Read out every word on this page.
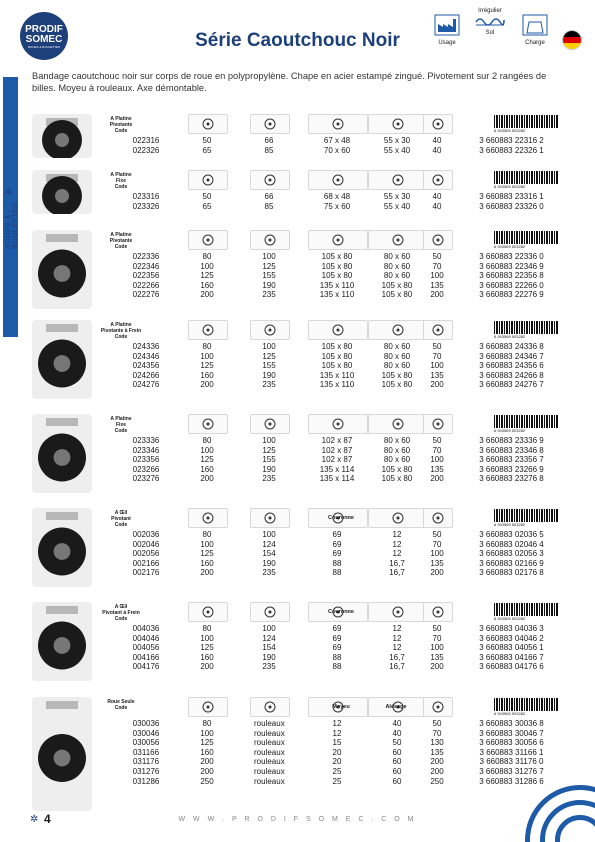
PRODIF
SOMEC
ROUES & ROULETTES	Série Caoutchouc Noir	Usage
Irrégulier
Sol
Charge
Bandage caoutchouc noir sur corps de roue en polypropylène. Chape en acier estampé zingué. Pivotement sur 2 rangées de billes. Moyeu à rouleaux. Axe démontable.
✲
ROUES & ROULETTES
A Platine
Pivotante
Code	6 943569 503282
022316	50	66	67 x 48	55 x 30	40	3 660883 22316 2
022326	65	85	70 x 60	55 x 40	40	3 660883 22326 1
A Platine
Fixe
Code	6 943569 503282
023316	50	66	68 x 48	55 x 30	40	3 660883 23316 1
023326	65	85	75 x 60	55 x 40	40	3 660883 23326 0
A Platine
Pivotante
Code	6 943569 503282
022336	80	100	105 x 80	80 x 60	50	3 660883 22336 0
022346	100	125	105 x 80	80 x 60	70	3 660883 22346 9
022356	125	155	105 x 80	80 x 60	100	3 660883 22356 8
022266	160	190	135 x 110	105 x 80	135	3 660883 22266 0
022276	200	235	135 x 110	105 x 80	200	3 660883 22276 9
A Platine
Pivotante à Frein
Code	6 943569 503282
024336	80	100	105 x 80	80 x 60	50	3 660883 24336 8
024346	100	125	105 x 80	80 x 60	70	3 660883 24346 7
024356	125	155	105 x 80	80 x 60	100	3 660883 24356 6
024266	160	190	135 x 110	105 x 80	135	3 660883 24266 8
024276	200	235	135 x 110	105 x 80	200	3 660883 24276 7
A Platine
Fixe
Code	6 943569 503282
023336	80	100	102 x 87	80 x 60	50	3 660883 23336 9
023346	100	125	102 x 87	80 x 60	70	3 660883 23346 8
023356	125	155	102 x 87	80 x 60	100	3 660883 23356 7
023266	160	190	135 x 114	105 x 80	135	3 660883 23266 9
023276	200	235	135 x 114	105 x 80	200	3 660883 23276 8
A Œil
Pivotant
Code
Couronne
6 943569 503282
002036	80	100	69	12	50	3 660883 02036 5
002046	100	124	69	12	70	3 660883 02046 4
002056	125	154	69	12	100	3 660883 02056 3
002166	160	190	88	16,7	135	3 660883 02166 9
002176	200	235	88	16,7	200	3 660883 02176 8
A Œil
Pivotant à Frein
Code
Couronne
6 943569 503282
004036	80	100	69	12	50	3 660883 04036 3
004046	100	124	69	12	70	3 660883 04046 2
004056	125	154	69	12	100	3 660883 04056 1
004166	160	190	88	16,7	135	3 660883 04166 7
004176	200	235	88	16,7	200	3 660883 04176 6
Roue Seule
Code	Moyeu	Alésage
6 943569 503282
030036	80	rouleaux	12	40	50	3 660883 30036 8
030046	100	rouleaux	12	40	70	3 660883 30046 7
030056	125	rouleaux	15	50	130	3 660883 30056 6
031166	160	rouleaux	20	60	135	3 660883 31166 1
031176	200	rouleaux	20	60	200	3 660883 31176 0
031276	200	rouleaux	25	60	200	3 660883 31276 7
031286	250	rouleaux	25	60	250	3 660883 31286 6
✲ 4	W W W . P R O D I F S O M E C . C O M
